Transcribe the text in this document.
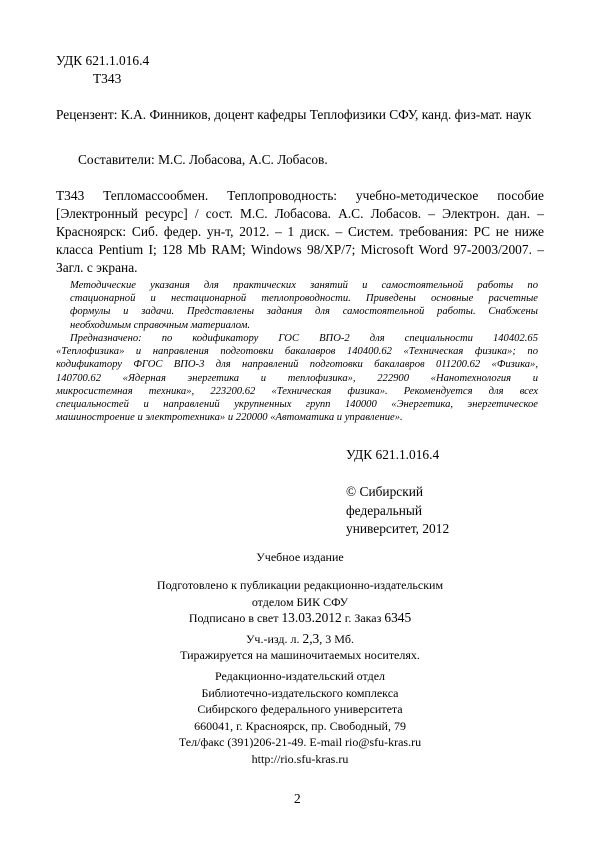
УДК 621.1.016.4
Т343
Рецензент: К.А. Финников, доцент кафедры Теплофизики СФУ, канд. физ-мат. наук
Составители: М.С. Лобасова, А.С. Лобасов.
Т343 Тепломассообмен. Теплопроводность: учебно-методическое пособие [Электронный ресурс] / сост. М.С. Лобасова. А.С. Лобасов. – Электрон. дан. – Красноярск: Сиб. федер. ун-т, 2012. – 1 диск. – Систем. требования: PC не ниже класса Pentium I; 128 Mb RAM; Windows 98/XP/7; Microsoft Word 97-2003/2007. – Загл. с экрана.
Методические указания для практических занятий и самостоятельной работы по
стационарной и нестационарной теплопроводности. Приведены основные расчетные
формулы и задачи. Представлены задания для самостоятельной работы. Снабжены
необходимым справочным материалом.
Предназначено: по кодификатору ГОС ВПО-2 для специальности 140402.65
«Теплофизика» и направления подготовки бакалавров 140400.62 «Техническая физика»; по
кодификатору ФГОС ВПО-3 для направлений подготовки бакалавров 011200.62 «Физика»,
140700.62 «Ядерная энергетика и теплофизика», 222900 «Нанотехнология и
микросистемная техника», 223200.62 «Техническая физика». Рекомендуется для всех
специальностей и направлений укрупненных групп 140000 «Энергетика, энергетическое
машиностроение и электротехника» и 220000 «Автоматика и управление».
УДК 621.1.016.4
© Сибирский
федеральный
университет, 2012
Учебное издание
Подготовлено к публикации редакционно-издательским
отделом БИК СФУ
Подписано в свет 13.03.2012 г. Заказ 6345
Уч.-изд. л. 2,3, 3 Мб.
Тиражируется на машиночитаемых носителях.
Редакционно-издательский отдел
Библиотечно-издательского комплекса
Сибирского федерального университета
660041, г. Красноярск, пр. Свободный, 79
Тел/факс (391)206-21-49. E-mail rio@sfu-kras.ru
http://rio.sfu-kras.ru
2
